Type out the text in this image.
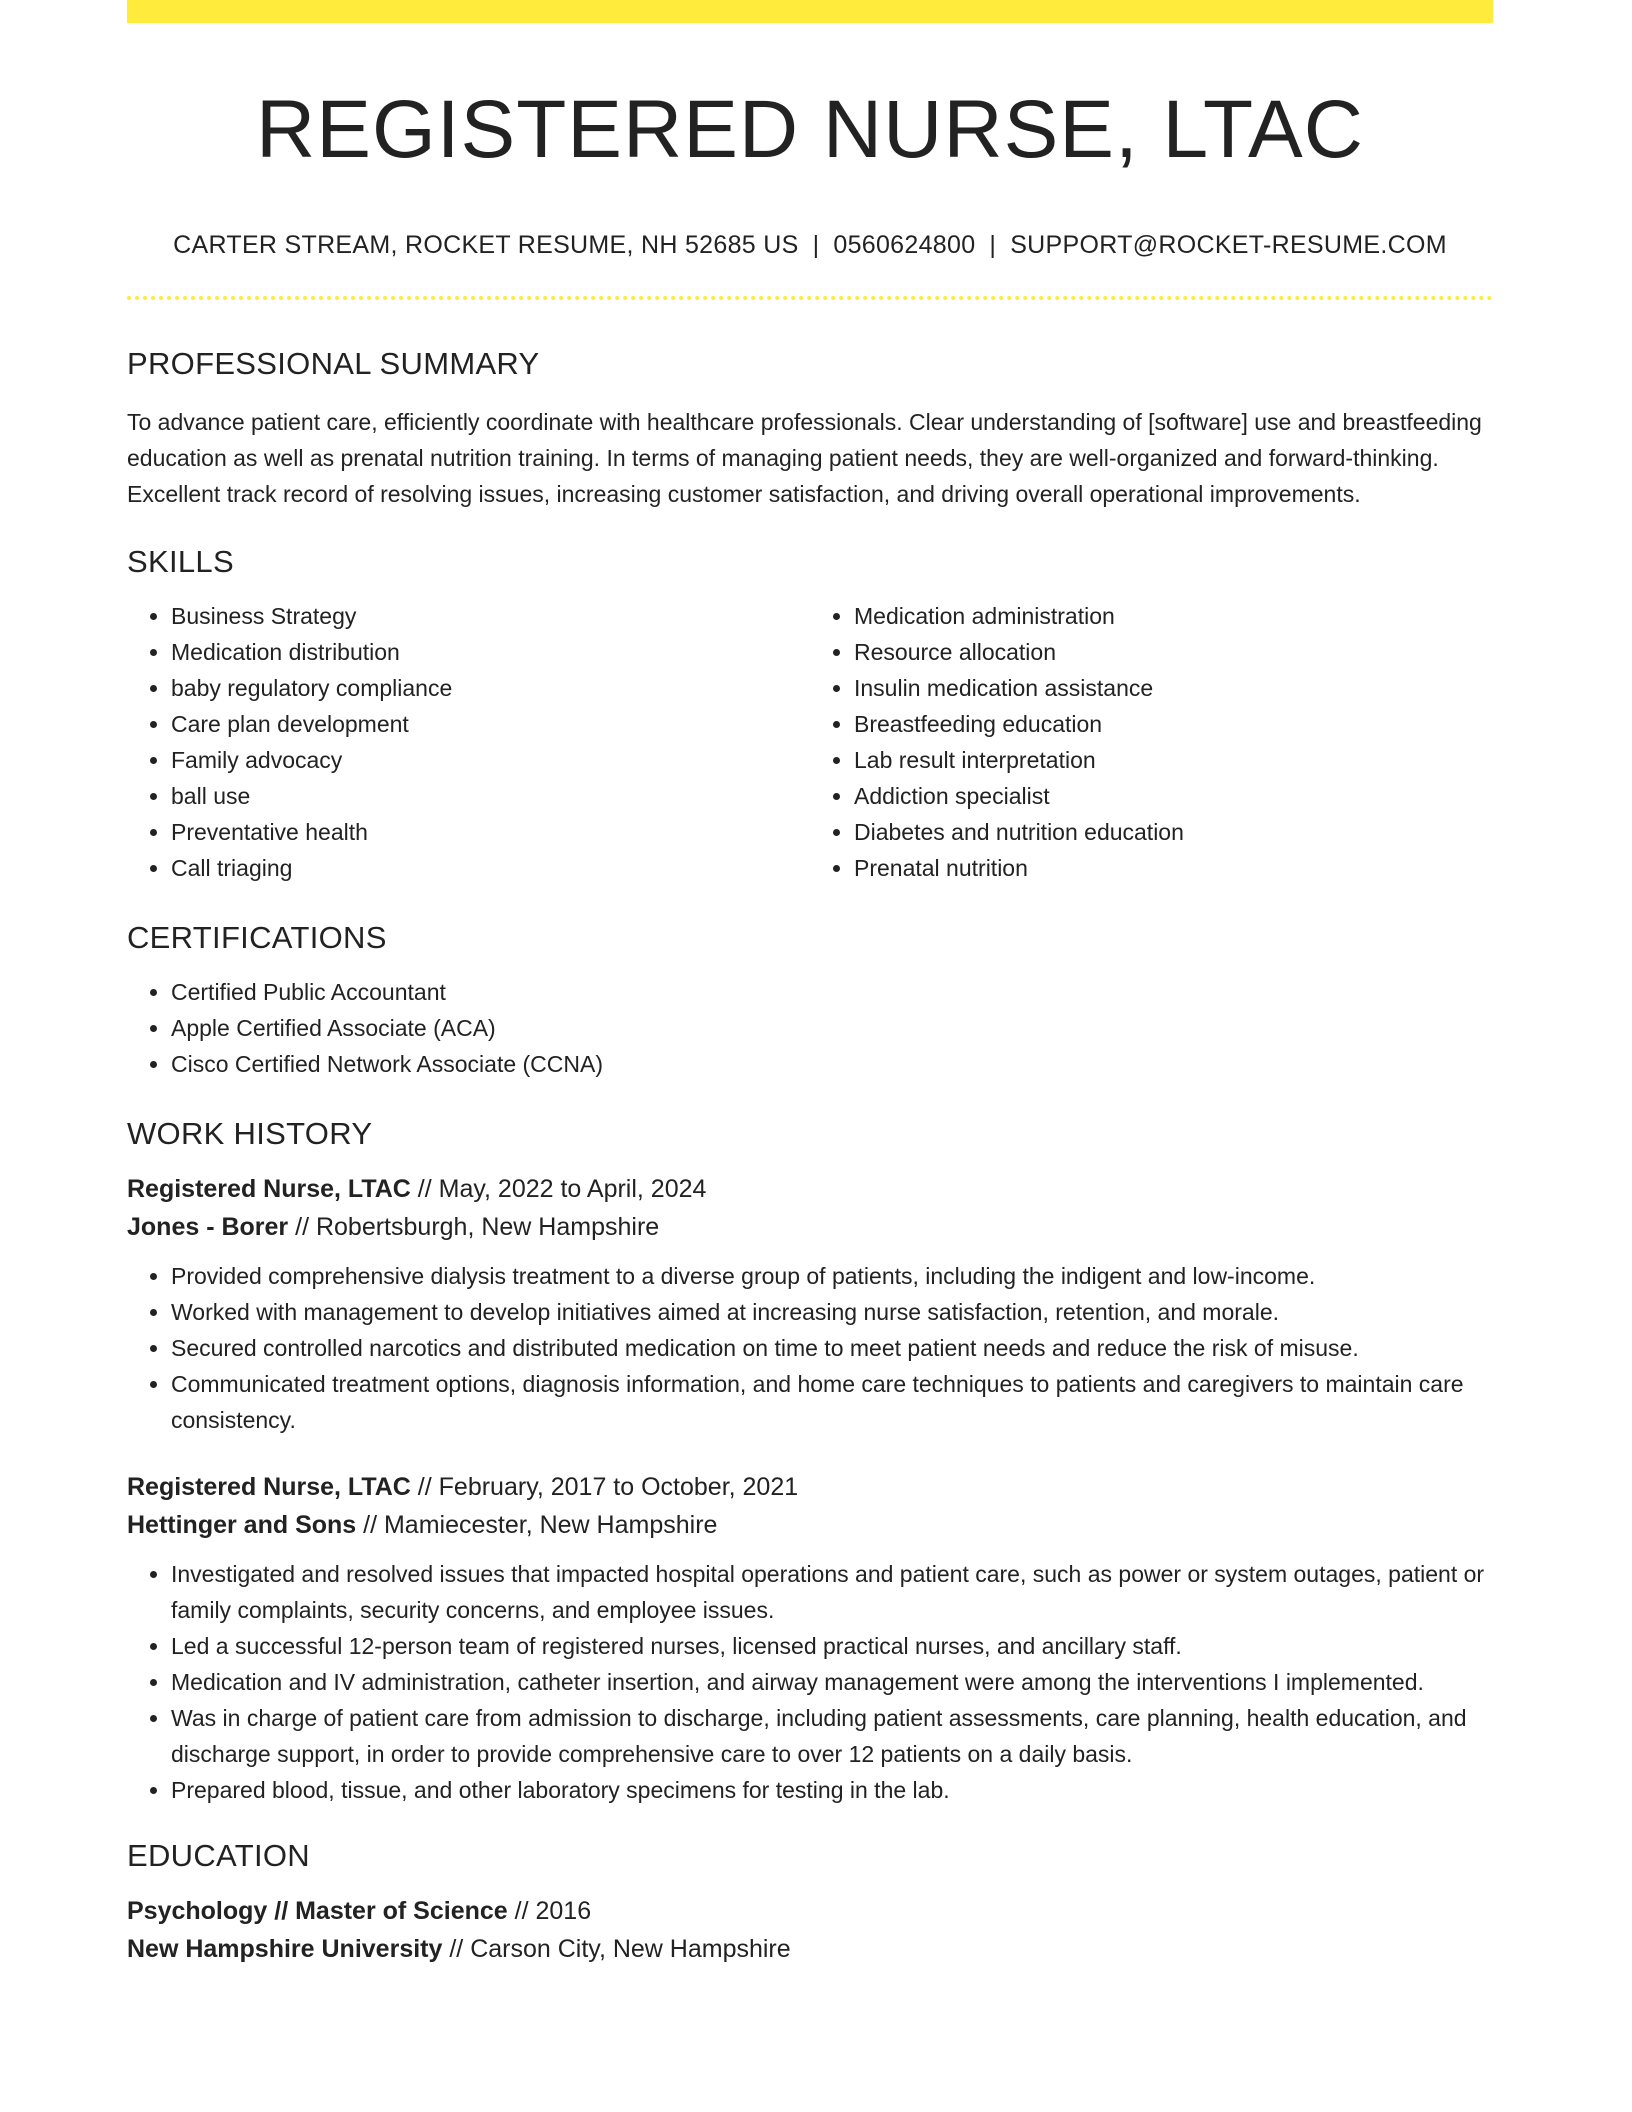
REGISTERED NURSE, LTAC
CARTER STREAM, ROCKET RESUME, NH 52685 US | 0560624800 | SUPPORT@ROCKET-RESUME.COM
PROFESSIONAL SUMMARY
To advance patient care, efficiently coordinate with healthcare professionals. Clear understanding of [software] use and breastfeeding education as well as prenatal nutrition training. In terms of managing patient needs, they are well-organized and forward-thinking. Excellent track record of resolving issues, increasing customer satisfaction, and driving overall operational improvements.
SKILLS
• Business Strategy
• Medication distribution
• baby regulatory compliance
• Care plan development
• Family advocacy
• ball use
• Preventative health
• Call triaging
• Medication administration
• Resource allocation
• Insulin medication assistance
• Breastfeeding education
• Lab result interpretation
• Addiction specialist
• Diabetes and nutrition education
• Prenatal nutrition
CERTIFICATIONS
• Certified Public Accountant
• Apple Certified Associate (ACA)
• Cisco Certified Network Associate (CCNA)
WORK HISTORY
Registered Nurse, LTAC // May, 2022 to April, 2024
Jones - Borer // Robertsburgh, New Hampshire
• Provided comprehensive dialysis treatment to a diverse group of patients, including the indigent and low-income.
• Worked with management to develop initiatives aimed at increasing nurse satisfaction, retention, and morale.
• Secured controlled narcotics and distributed medication on time to meet patient needs and reduce the risk of misuse.
• Communicated treatment options, diagnosis information, and home care techniques to patients and caregivers to maintain care consistency.
Registered Nurse, LTAC // February, 2017 to October, 2021
Hettinger and Sons // Mamiecester, New Hampshire
• Investigated and resolved issues that impacted hospital operations and patient care, such as power or system outages, patient or family complaints, security concerns, and employee issues.
• Led a successful 12-person team of registered nurses, licensed practical nurses, and ancillary staff.
• Medication and IV administration, catheter insertion, and airway management were among the interventions I implemented.
• Was in charge of patient care from admission to discharge, including patient assessments, care planning, health education, and discharge support, in order to provide comprehensive care to over 12 patients on a daily basis.
• Prepared blood, tissue, and other laboratory specimens for testing in the lab.
EDUCATION
Psychology // Master of Science // 2016
New Hampshire University // Carson City, New Hampshire
